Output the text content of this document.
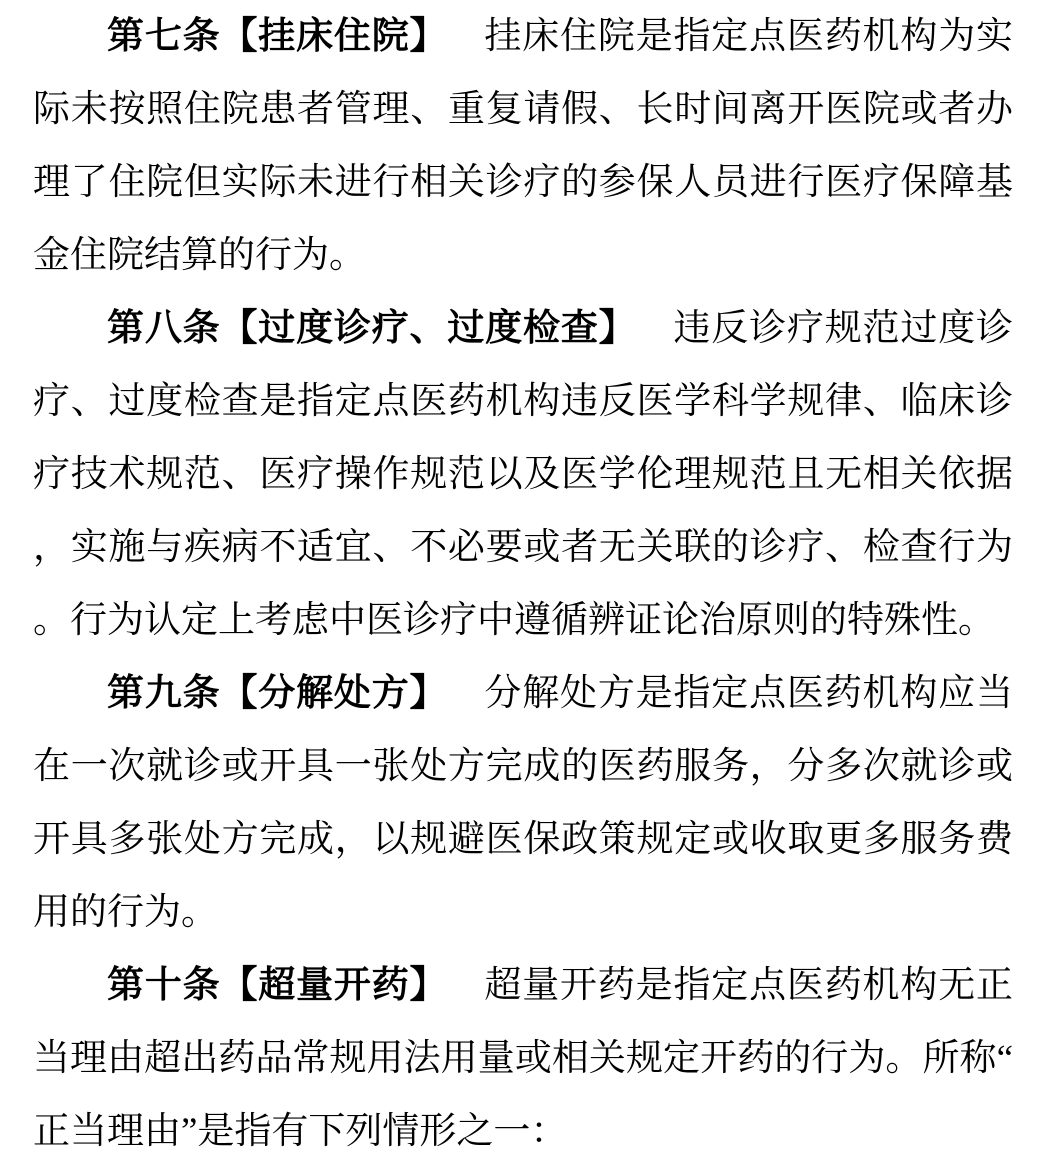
第七条【挂床住院】 挂床住院是指定点医药机构为实际未按照住院患者管理、重复请假、长时间离开医院或者办理了住院但实际未进行相关诊疗的参保人员进行医疗保障基金住院结算的行为。

第八条【过度诊疗、过度检查】 违反诊疗规范过度诊疗、过度检查是指定点医药机构违反医学科学规律、临床诊疗技术规范、医疗操作规范以及医学伦理规范且无相关依据，实施与疾病不适宜、不必要或者无关联的诊疗、检查行为。行为认定上考虑中医诊疗中遵循辨证论治原则的特殊性。

第九条【分解处方】 分解处方是指定点医药机构应当在一次就诊或开具一张处方完成的医药服务，分多次就诊或开具多张处方完成，以规避医保政策规定或收取更多服务费用的行为。

第十条【超量开药】 超量开药是指定点医药机构无正当理由超出药品常规用法用量或相关规定开药的行为。所称“正当理由”是指有下列情形之一：
